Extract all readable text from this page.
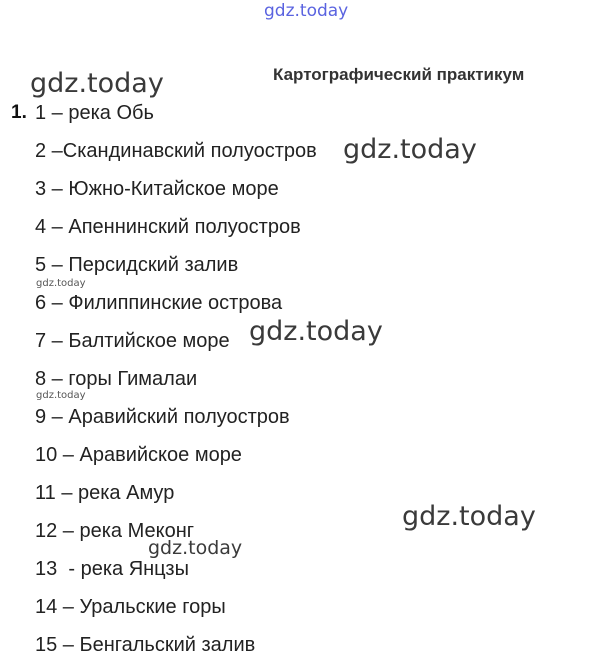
gdz.today
Картографический практикум
1. 1 – река Обь
2 –Скандинавский полуостров
3 – Южно-Китайское море
4 – Апеннинский полуостров
5 – Персидский залив
6 – Филиппинские острова
7 – Балтийское море
8 – горы Гималаи
9 – Аравийский полуостров
10 – Аравийское море
11 – река Амур
12 – река Меконг
13  - река Янцзы
14 – Уральские горы
15 – Бенгальский залив
gdz.today
gdz.today
gdz.today
gdz.today
gdz.today
gdz.today
gdz.today
